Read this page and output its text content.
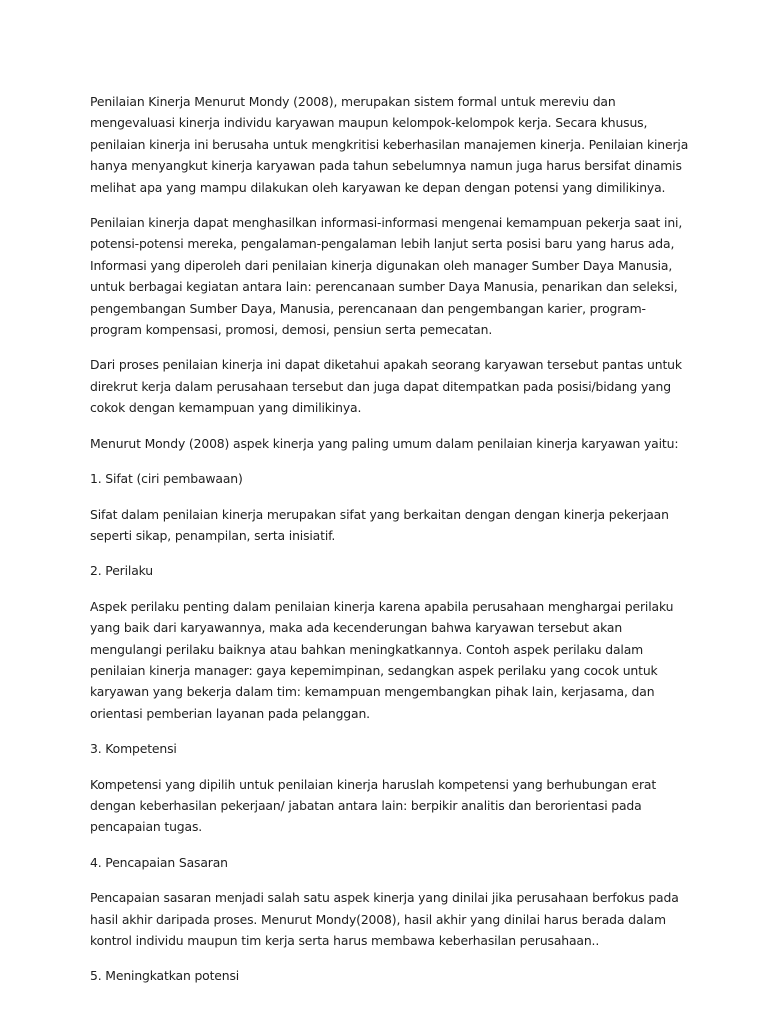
Penilaian Kinerja Menurut Mondy (2008), merupakan sistem formal untuk mereviu dan mengevaluasi kinerja individu karyawan maupun kelompok-kelompok kerja. Secara khusus, penilaian kinerja ini berusaha untuk mengkritisi keberhasilan manajemen kinerja. Penilaian kinerja hanya menyangkut kinerja karyawan pada tahun sebelumnya namun juga harus bersifat dinamis melihat apa yang mampu dilakukan oleh karyawan ke depan dengan potensi yang dimilikinya.

Penilaian kinerja dapat menghasilkan informasi-informasi mengenai kemampuan pekerja saat ini, potensi-potensi mereka, pengalaman-pengalaman lebih lanjut serta posisi baru yang harus ada, Informasi yang diperoleh dari penilaian kinerja digunakan oleh manager Sumber Daya Manusia, untuk berbagai kegiatan antara lain: perencanaan sumber Daya Manusia, penarikan dan seleksi, pengembangan Sumber Daya, Manusia, perencanaan dan pengembangan karier, program-program kompensasi, promosi, demosi, pensiun serta pemecatan.

Dari proses penilaian kinerja ini dapat diketahui apakah seorang karyawan tersebut pantas untuk direkrut kerja dalam perusahaan tersebut dan juga dapat ditempatkan pada posisi/bidang yang cokok dengan kemampuan yang dimilikinya.

Menurut Mondy (2008) aspek kinerja yang paling umum dalam penilaian kinerja karyawan yaitu:

1. Sifat (ciri pembawaan)

Sifat dalam penilaian kinerja merupakan sifat yang berkaitan dengan dengan kinerja pekerjaan seperti sikap, penampilan, serta inisiatif.

2. Perilaku

Aspek perilaku penting dalam penilaian kinerja karena apabila perusahaan menghargai perilaku yang baik dari karyawannya, maka ada kecenderungan bahwa karyawan tersebut akan mengulangi perilaku baiknya atau bahkan meningkatkannya. Contoh aspek perilaku dalam penilaian kinerja manager: gaya kepemimpinan, sedangkan aspek perilaku yang cocok untuk karyawan yang bekerja dalam tim: kemampuan mengembangkan pihak lain, kerjasama, dan orientasi pemberian layanan pada pelanggan.

3. Kompetensi

Kompetensi yang dipilih untuk penilaian kinerja haruslah kompetensi yang berhubungan erat dengan keberhasilan pekerjaan/ jabatan antara lain: berpikir analitis dan berorientasi pada pencapaian tugas.

4. Pencapaian Sasaran

Pencapaian sasaran menjadi salah satu aspek kinerja yang dinilai jika perusahaan berfokus pada hasil akhir daripada proses. Menurut Mondy(2008), hasil akhir yang dinilai harus berada dalam kontrol individu maupun tim kerja serta harus membawa keberhasilan perusahaan..

5. Meningkatkan potensi
